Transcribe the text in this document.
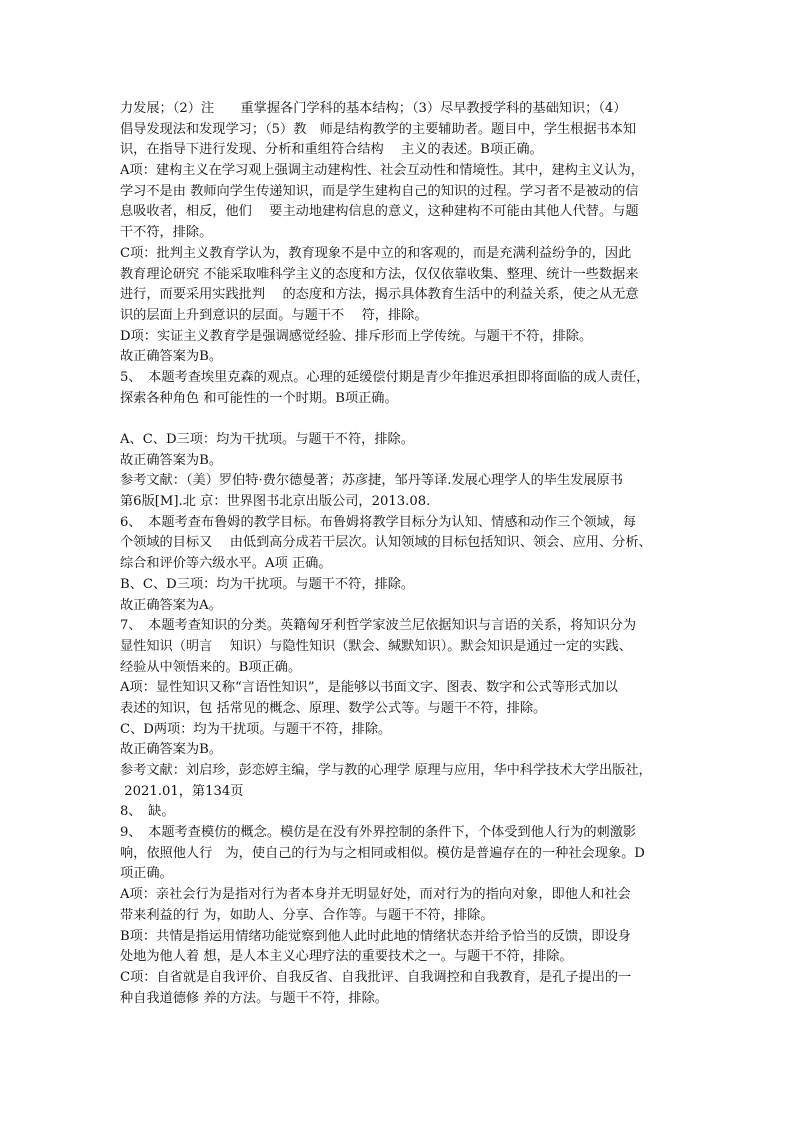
力发展；（2）注　　重掌握各门学科的基本结构；（3）尽早教授学科的基础知识；（4）
倡导发现法和发现学习；（5）教　师是结构教学的主要辅助者。题目中，学生根据书本知
识，在指导下进行发现、分析和重组符合结构　 主义的表述。B项正确。
A项：建构主义在学习观上强调主动建构性、社会互动性和情境性。其中，建构主义认为，
学习不是由 教师向学生传递知识，而是学生建构自己的知识的过程。学习者不是被动的信
息吸收者，相反，他们　 要主动地建构信息的意义，这种建构不可能由其他人代替。与题
干不符，排除。
C项：批判主义教育学认为，教育现象不是中立的和客观的，而是充满利益纷争的，因此
教育理论研究 不能采取唯科学主义的态度和方法，仅仅依靠收集、整理、统计一些数据来
进行，而要采用实践批判　 的态度和方法，揭示具体教育生活中的利益关系，使之从无意
识的层面上升到意识的层面。与题干不　 符，排除。
D项：实证主义教育学是强调感觉经验、排斥形而上学传统。与题干不符，排除。
故正确答案为B。
5、　本题考查埃里克森的观点。心理的延缓偿付期是青少年推迟承担即将面临的成人责任，
探索各种角色 和可能性的一个时期。B项正确。
A、C、D三项：均为干扰项。与题干不符，排除。
故正确答案为B。
参考文献：（美）罗伯特·费尔德曼著；苏彦捷，邹丹等译.发展心理学人的毕生发展原书
第6版[M].北 京：世界图书北京出版公司，2013.08.
6、　本题考查布鲁姆的教学目标。布鲁姆将教学目标分为认知、情感和动作三个领域，每
个领域的目标又　 由低到高分成若干层次。认知领域的目标包括知识、领会、应用、分析、
综合和评价等六级水平。A项 正确。
B、C、D三项：均为干扰项。与题干不符，排除。
故正确答案为A。
7、　本题考查知识的分类。英籍匈牙利哲学家波兰尼依据知识与言语的关系，将知识分为
显性知识（明言　 知识）与隐性知识（默会、缄默知识）。默会知识是通过一定的实践、
经验从中领悟来的。B项正确。
A项：显性知识又称“言语性知识”，是能够以书面文字、图表、数字和公式等形式加以
表述的知识，包 括常见的概念、原理、数学公式等。与题干不符，排除。
C、D两项：均为干扰项。与题干不符，排除。
故正确答案为B。
参考文献：刘启珍，彭恋婷主编，学与教的心理学 原理与应用，华中科学技术大学出版社，
2021.01，第134页
8、　缺。
9、　本题考查模仿的概念。模仿是在没有外界控制的条件下，个体受到他人行为的刺激影
响，依照他人行　为，使自己的行为与之相同或相似。模仿是普遍存在的一种社会现象。D
项正确。
A项：亲社会行为是指对行为者本身并无明显好处，而对行为的指向对象，即他人和社会
带来利益的行 为，如助人、分享、合作等。与题干不符，排除。
B项：共情是指运用情绪功能觉察到他人此时此地的情绪状态并给予恰当的反馈，即设身
处地为他人着 想，是人本主义心理疗法的重要技术之一。与题干不符，排除。
C项：自省就是自我评价、自我反省、自我批评、自我调控和自我教育，是孔子提出的一
种自我道德修 养的方法。与题干不符，排除。
